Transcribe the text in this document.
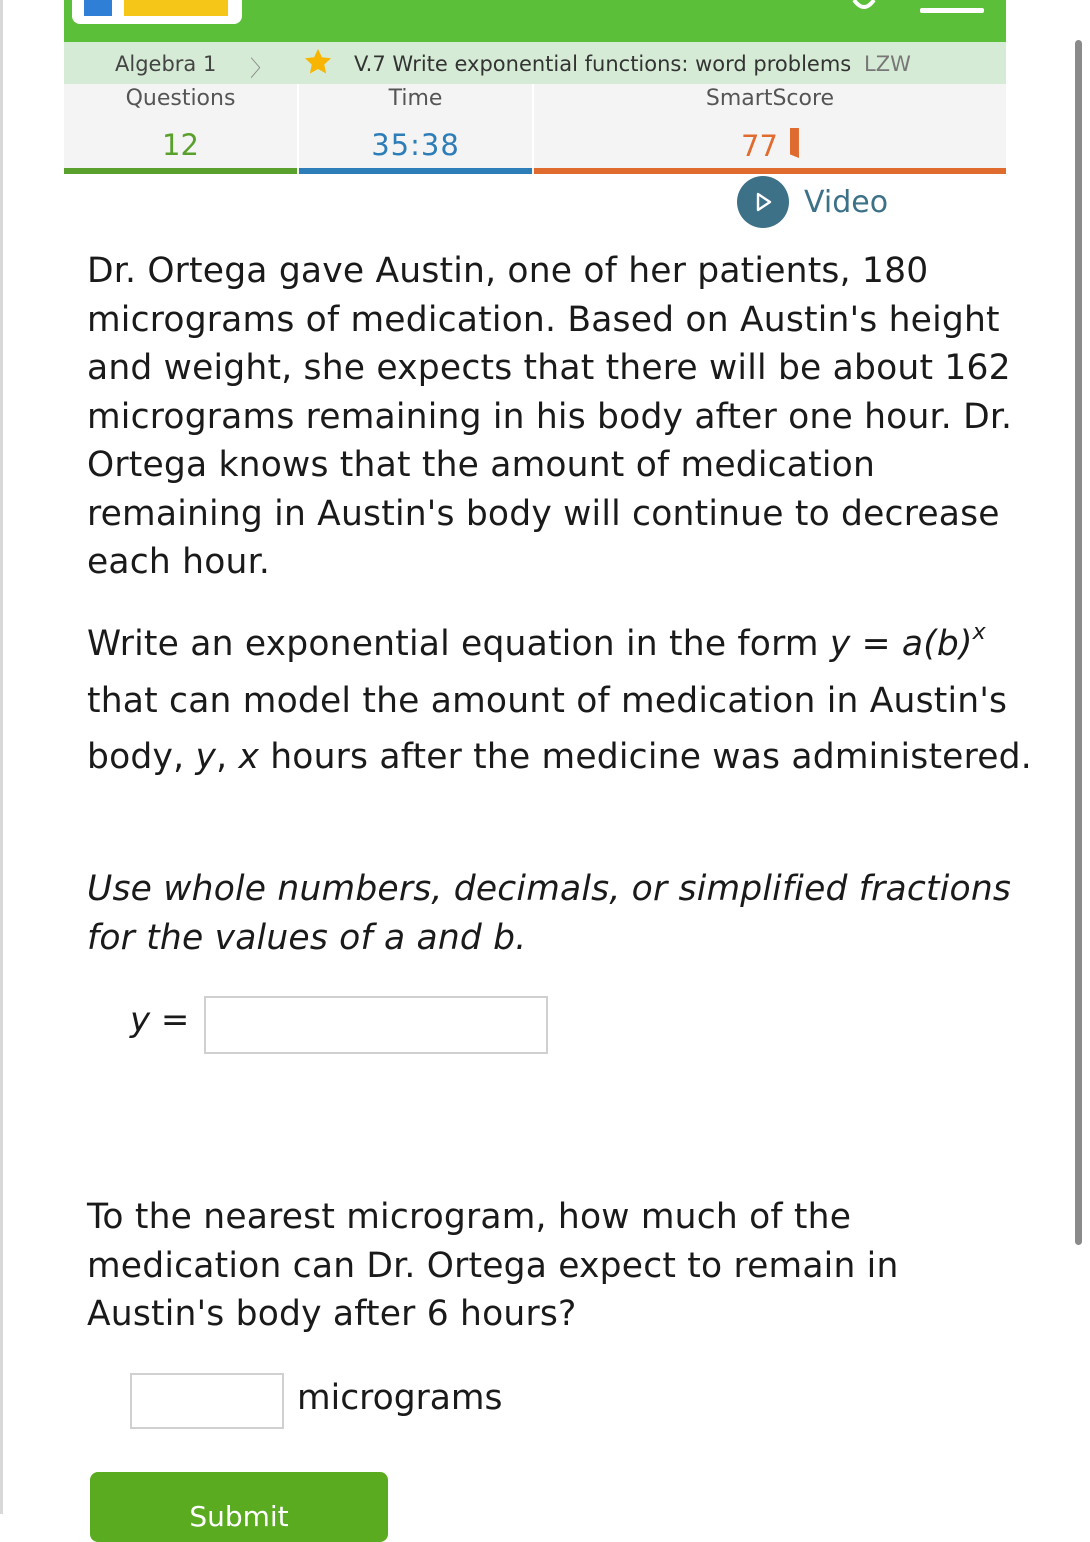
Algebra 1 〉	V.7 Write exponential functions: word problems LZW
Questions
12
Time
35:38
SmartScore
77
Video

Dr. Ortega gave Austin, one of her patients, 180 micrograms of medication. Based on Austin's height and weight, she expects that there will be about 162 micrograms remaining in his body after one hour. Dr. Ortega knows that the amount of medication remaining in Austin's body will continue to decrease each hour.

Write an exponential equation in the form $y = a(b)^x$ that can model the amount of medication in Austin's body, y, x hours after the medicine was administered.

Use whole numbers, decimals, or simplified fractions for the values of a and b.

y =

To the nearest microgram, how much of the medication can Dr. Ortega expect to remain in Austin's body after 6 hours?

micrograms
Submit
